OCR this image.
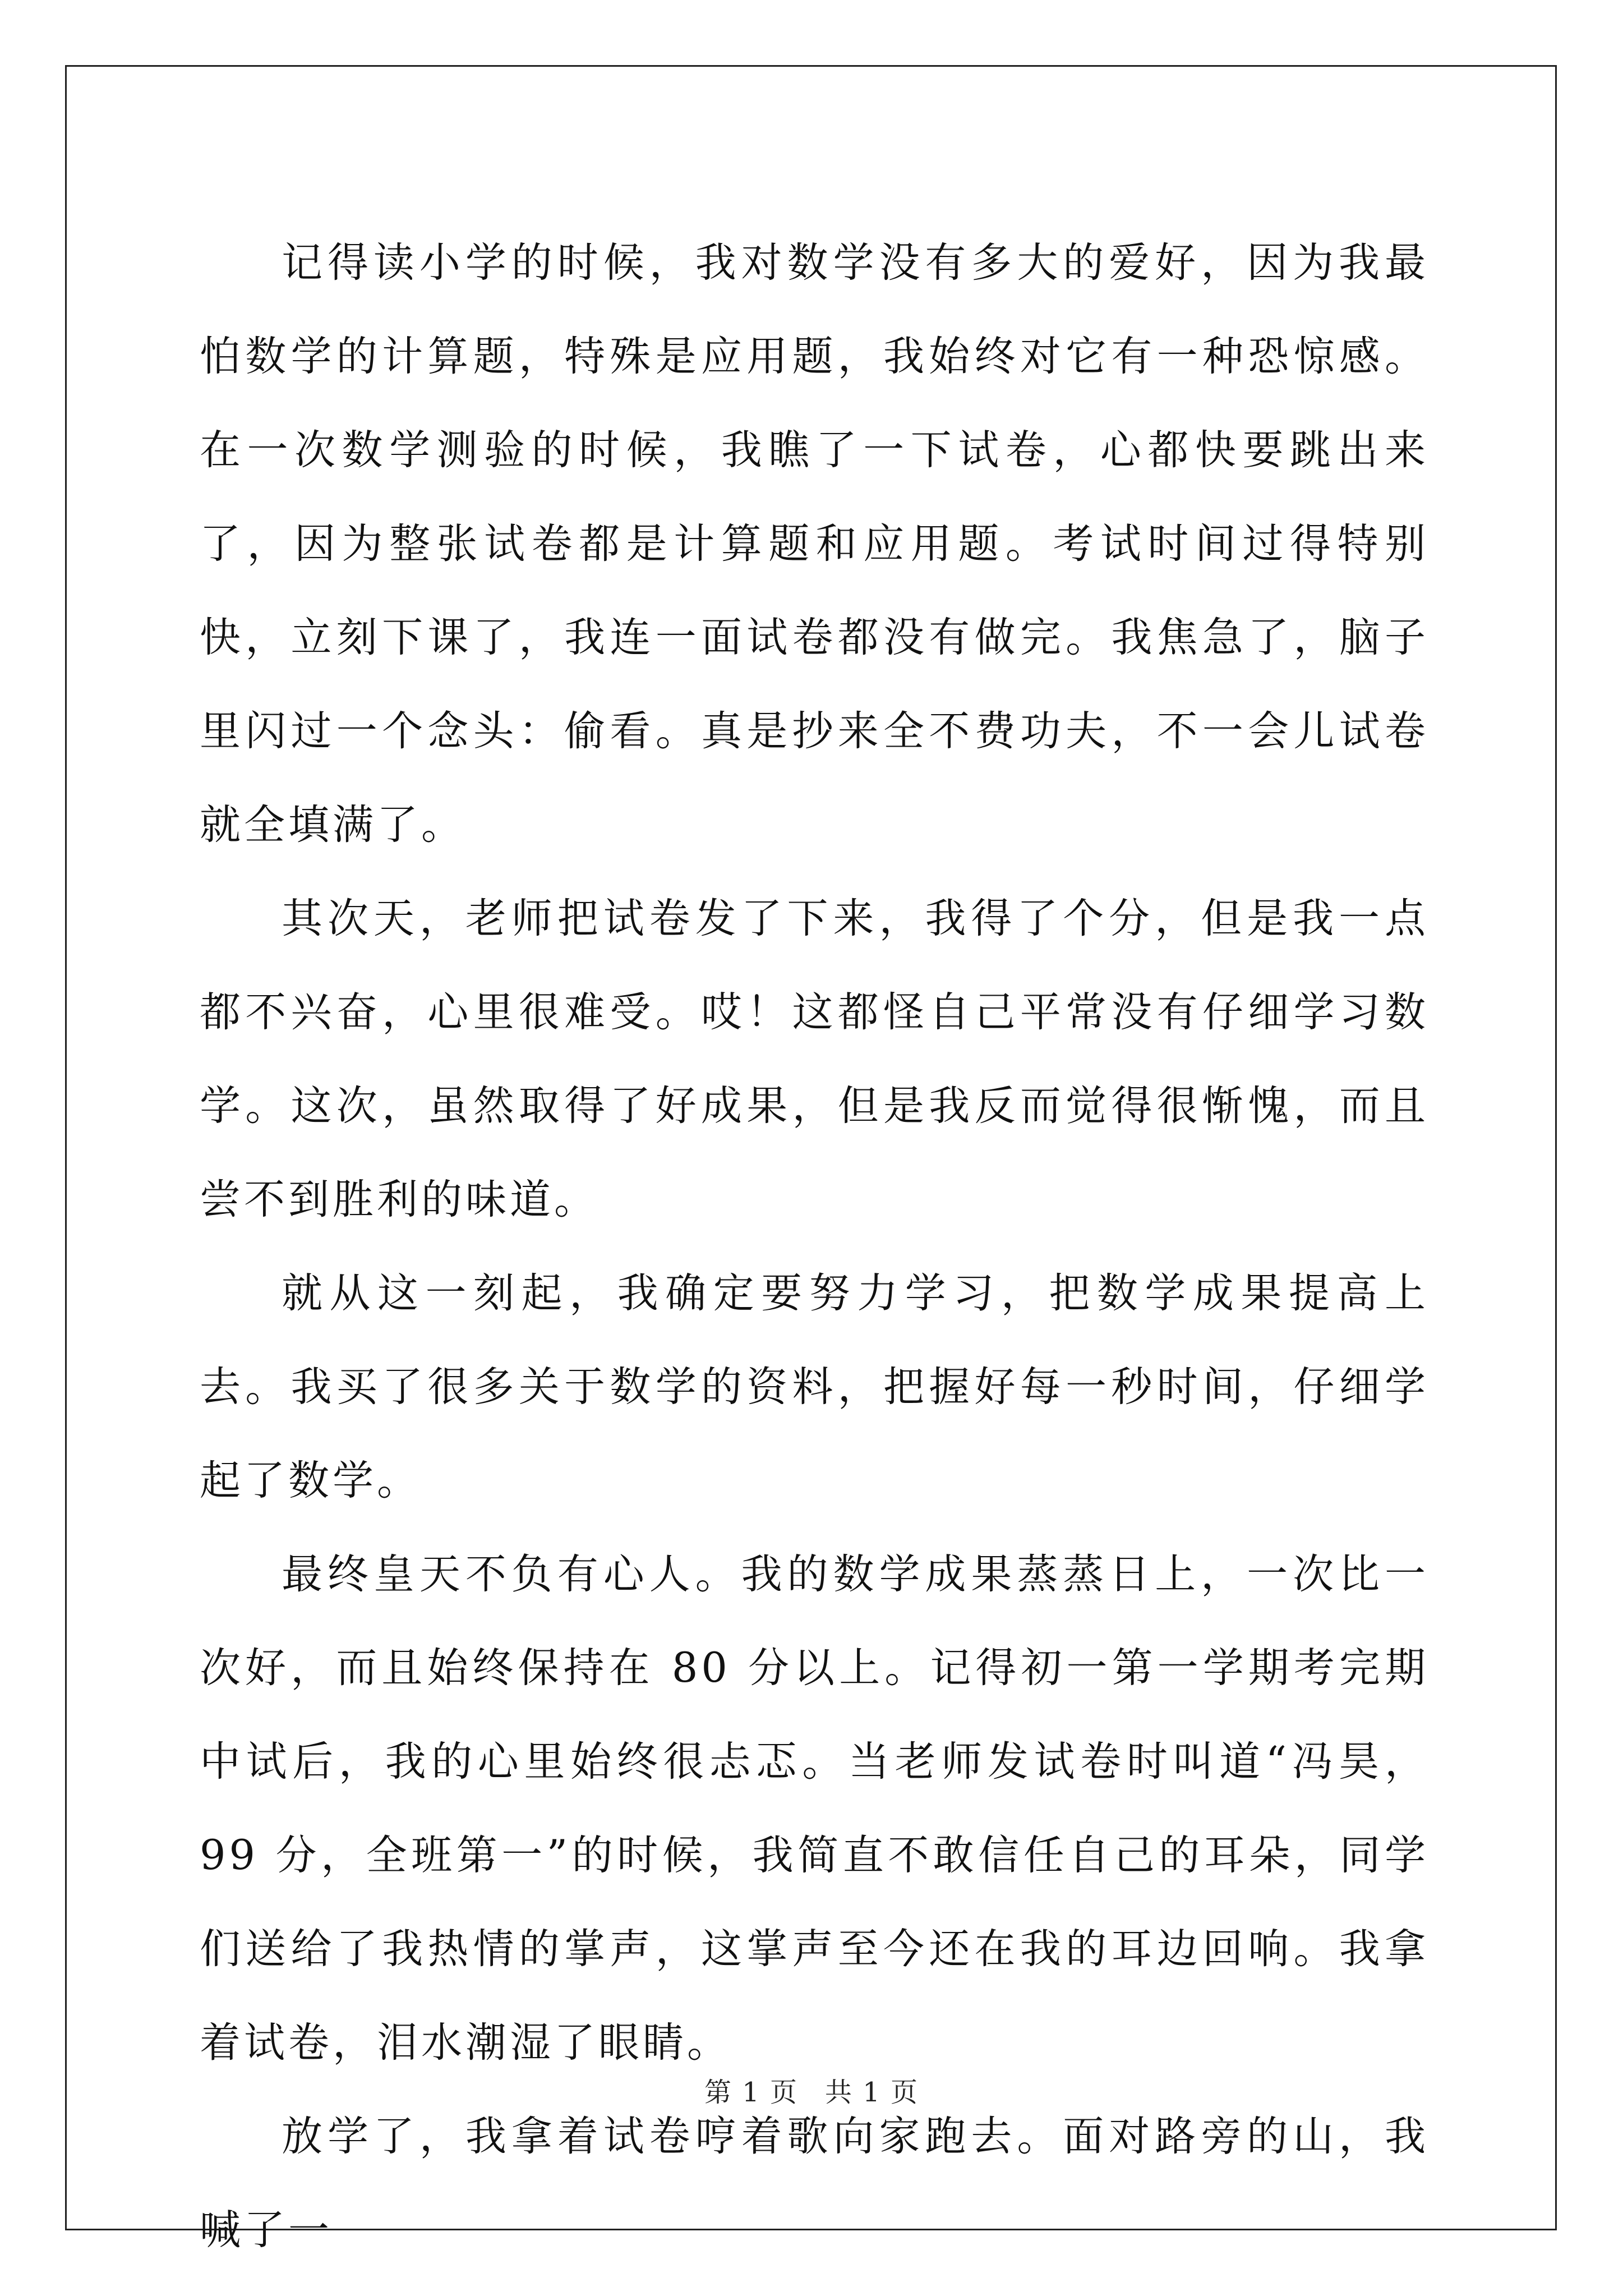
记得读小学的时候，我对数学没有多大的爱好，因为我最怕数学的计算题，特殊是应用题，我始终对它有一种恐惊感。在一次数学测验的时候，我瞧了一下试卷，心都快要跳出来了，因为整张试卷都是计算题和应用题。考试时间过得特别快，立刻下课了，我连一面试卷都没有做完。我焦急了，脑子里闪过一个念头：偷看。真是抄来全不费功夫，不一会儿试卷就全填满了。

其次天，老师把试卷发了下来，我得了个分，但是我一点都不兴奋，心里很难受。哎！这都怪自己平常没有仔细学习数学。这次，虽然取得了好成果，但是我反而觉得很惭愧，而且尝不到胜利的味道。

就从这一刻起，我确定要努力学习，把数学成果提高上去。我买了很多关于数学的资料，把握好每一秒时间，仔细学起了数学。

最终皇天不负有心人。我的数学成果蒸蒸日上，一次比一次好，而且始终保持在 80 分以上。记得初一第一学期考完期中试后，我的心里始终很忐忑。当老师发试卷时叫道“冯昊，99 分，全班第一”的时候，我简直不敢信任自己的耳朵，同学们送给了我热情的掌声，这掌声至今还在我的耳边回响。我拿着试卷，泪水潮湿了眼睛。

放学了，我拿着试卷哼着歌向家跑去。面对路旁的山，我喊了一

第 1 页 共 1 页
